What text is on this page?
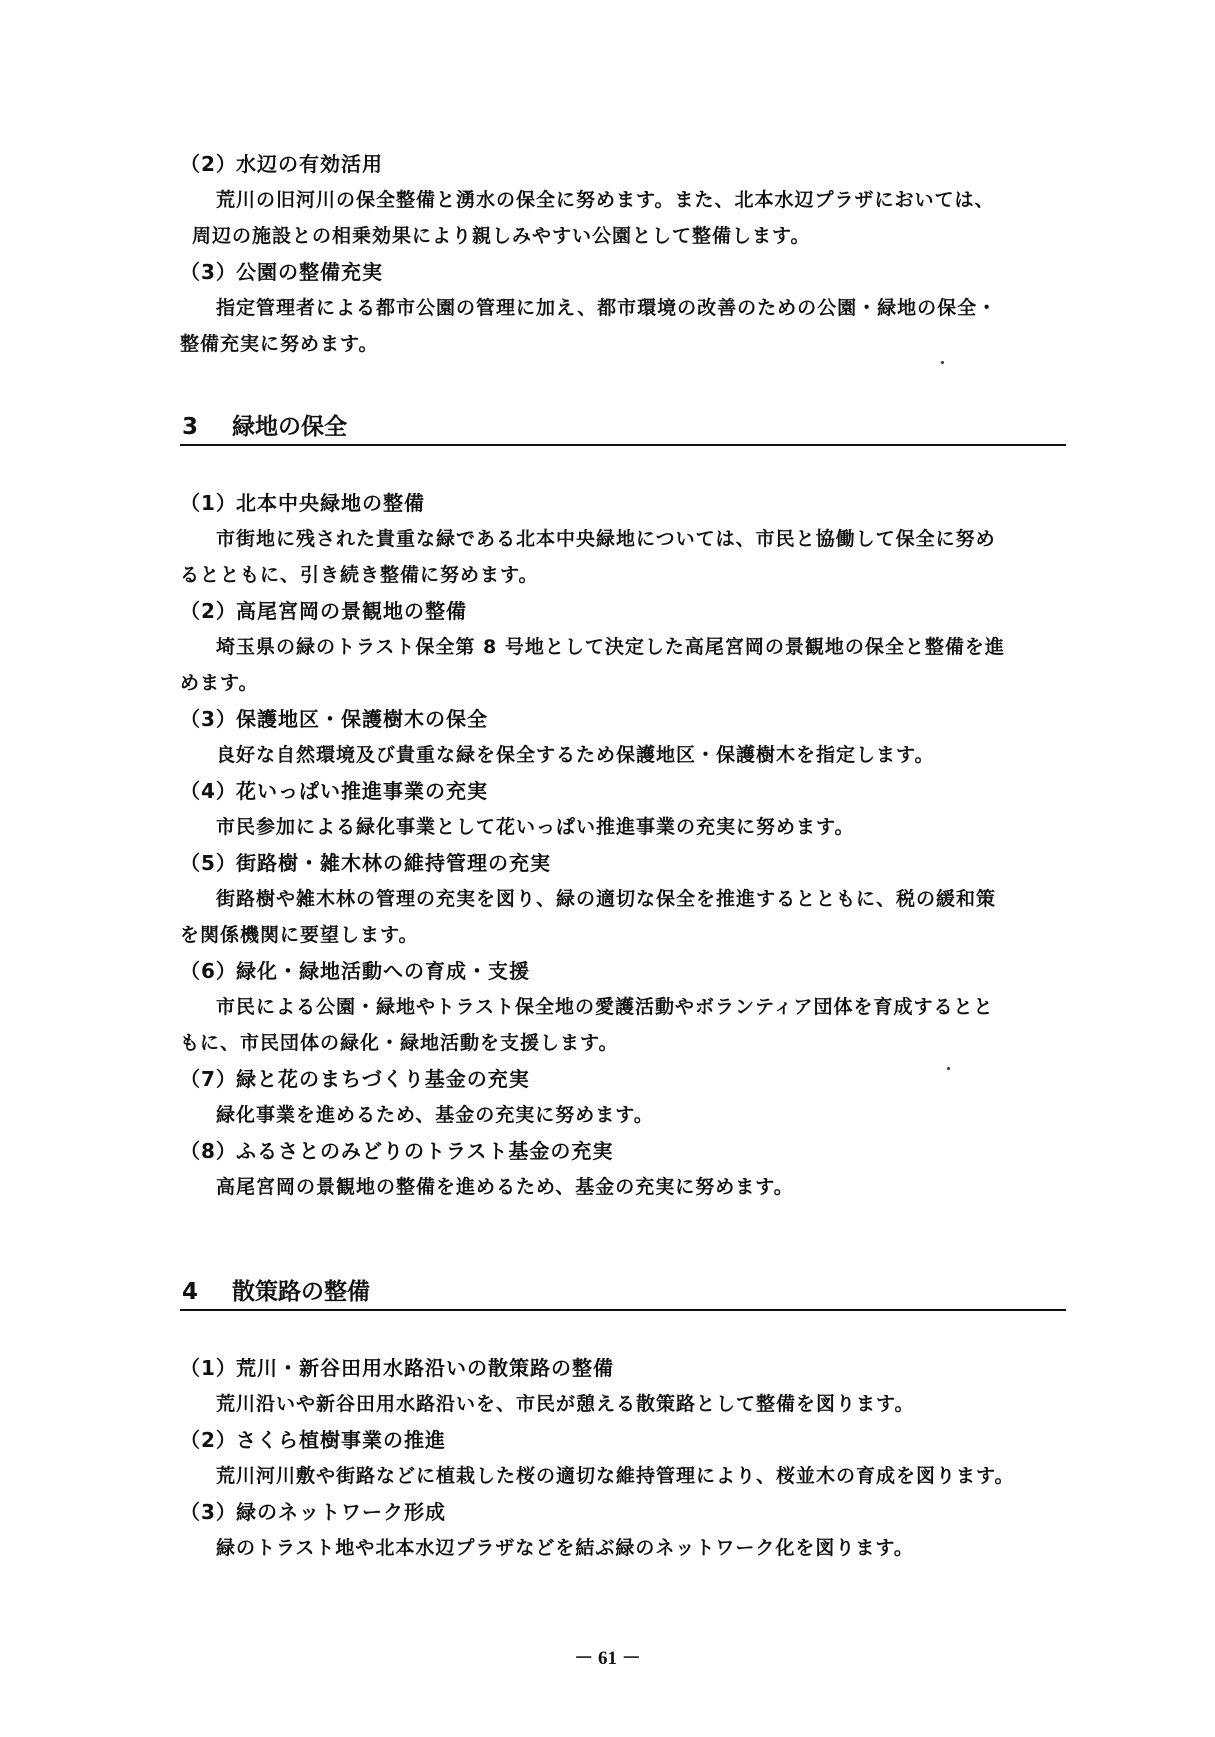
（2）水辺の有効活用
荒川の旧河川の保全整備と湧水の保全に努めます。また、北本水辺プラザにおいては、
周辺の施設との相乗効果により親しみやすい公園として整備します。
（3）公園の整備充実
指定管理者による都市公園の管理に加え、都市環境の改善のための公園・緑地の保全・
整備充実に努めます。
3 緑地の保全
（1）北本中央緑地の整備
市街地に残された貴重な緑である北本中央緑地については、市民と協働して保全に努め
るとともに、引き続き整備に努めます。
（2）高尾宮岡の景観地の整備
埼玉県の緑のトラスト保全第 8 号地として決定した高尾宮岡の景観地の保全と整備を進
めます。
（3）保護地区・保護樹木の保全
良好な自然環境及び貴重な緑を保全するため保護地区・保護樹木を指定します。
（4）花いっぱい推進事業の充実
市民参加による緑化事業として花いっぱい推進事業の充実に努めます。
（5）街路樹・雑木林の維持管理の充実
街路樹や雑木林の管理の充実を図り、緑の適切な保全を推進するとともに、税の緩和策
を関係機関に要望します。
（6）緑化・緑地活動への育成・支援
市民による公園・緑地やトラスト保全地の愛護活動やボランティア団体を育成するとと
もに、市民団体の緑化・緑地活動を支援します。
（7）緑と花のまちづくり基金の充実
緑化事業を進めるため、基金の充実に努めます。
（8）ふるさとのみどりのトラスト基金の充実
高尾宮岡の景観地の整備を進めるため、基金の充実に努めます。
4 散策路の整備
（1）荒川・新谷田用水路沿いの散策路の整備
荒川沿いや新谷田用水路沿いを、市民が憩える散策路として整備を図ります。
（2）さくら植樹事業の推進
荒川河川敷や街路などに植栽した桜の適切な維持管理により、桜並木の育成を図ります。
（3）緑のネットワーク形成
緑のトラスト地や北本水辺プラザなどを結ぶ緑のネットワーク化を図ります。
－ 61 －
